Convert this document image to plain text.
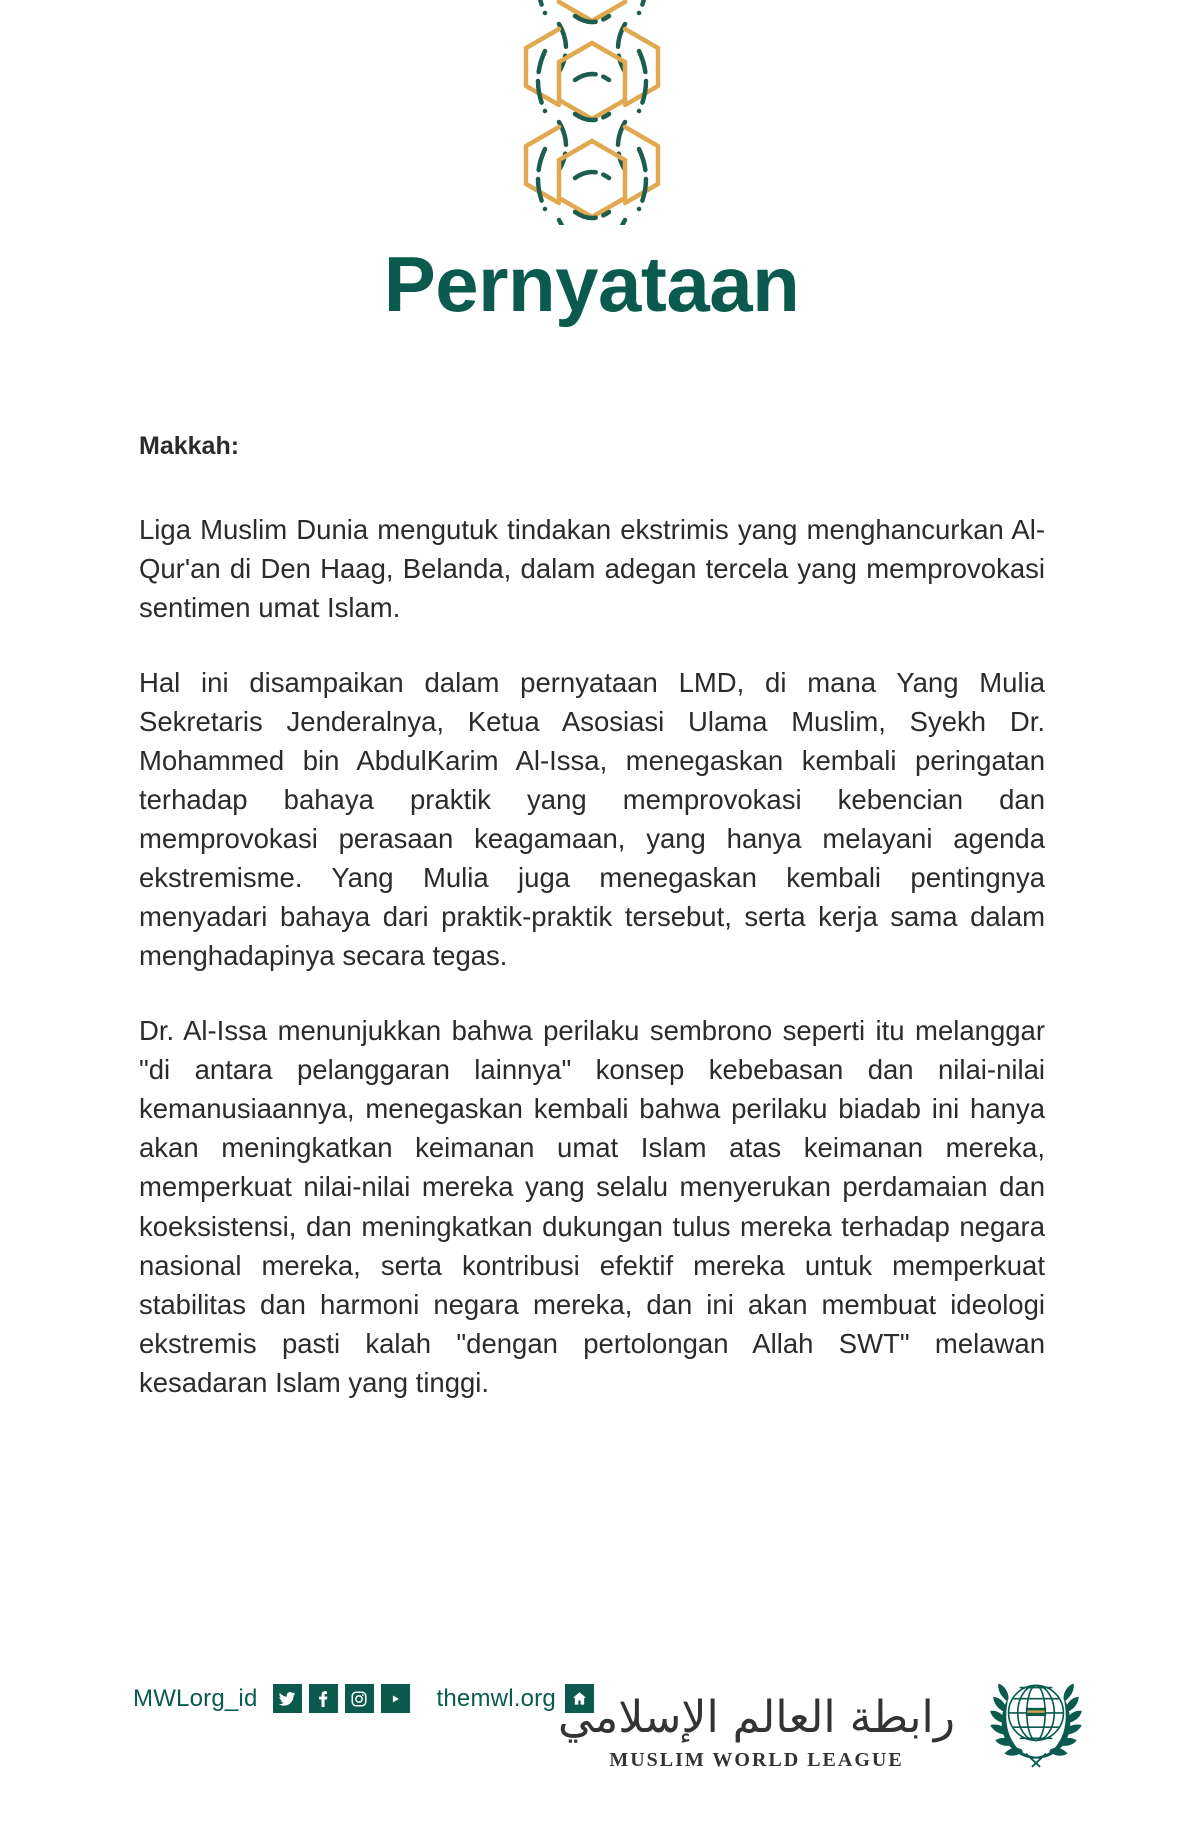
Pernyataan
Makkah:

Liga Muslim Dunia mengutuk tindakan ekstrimis yang menghancurkan Al-Qur'an di Den Haag, Belanda, dalam adegan tercela yang memprovokasi sentimen umat Islam.

Hal ini disampaikan dalam pernyataan LMD, di mana Yang Mulia Sekretaris Jenderalnya, Ketua Asosiasi Ulama Muslim, Syekh Dr. Mohammed bin AbdulKarim Al-Issa, menegaskan kembali peringatan terhadap bahaya praktik yang memprovokasi kebencian dan memprovokasi perasaan keagamaan, yang hanya melayani agenda ekstremisme. Yang Mulia juga menegaskan kembali pentingnya menyadari bahaya dari praktik-praktik tersebut, serta kerja sama dalam menghadapinya secara tegas.

Dr. Al-Issa menunjukkan bahwa perilaku sembrono seperti itu melanggar "di antara pelanggaran lainnya" konsep kebebasan dan nilai-nilai kemanusiaannya, menegaskan kembali bahwa perilaku biadab ini hanya akan meningkatkan keimanan umat Islam atas keimanan mereka, memperkuat nilai-nilai mereka yang selalu menyerukan perdamaian dan koeksistensi, dan meningkatkan dukungan tulus mereka terhadap negara nasional mereka, serta kontribusi efektif mereka untuk memperkuat stabilitas dan harmoni negara mereka, dan ini akan membuat ideologi ekstremis pasti kalah "dengan pertolongan Allah SWT" melawan kesadaran Islam yang tinggi.

MWLorg_id	themwl.org رابطة العالم الإسلامي
MUSLIM WORLD LEAGUE
